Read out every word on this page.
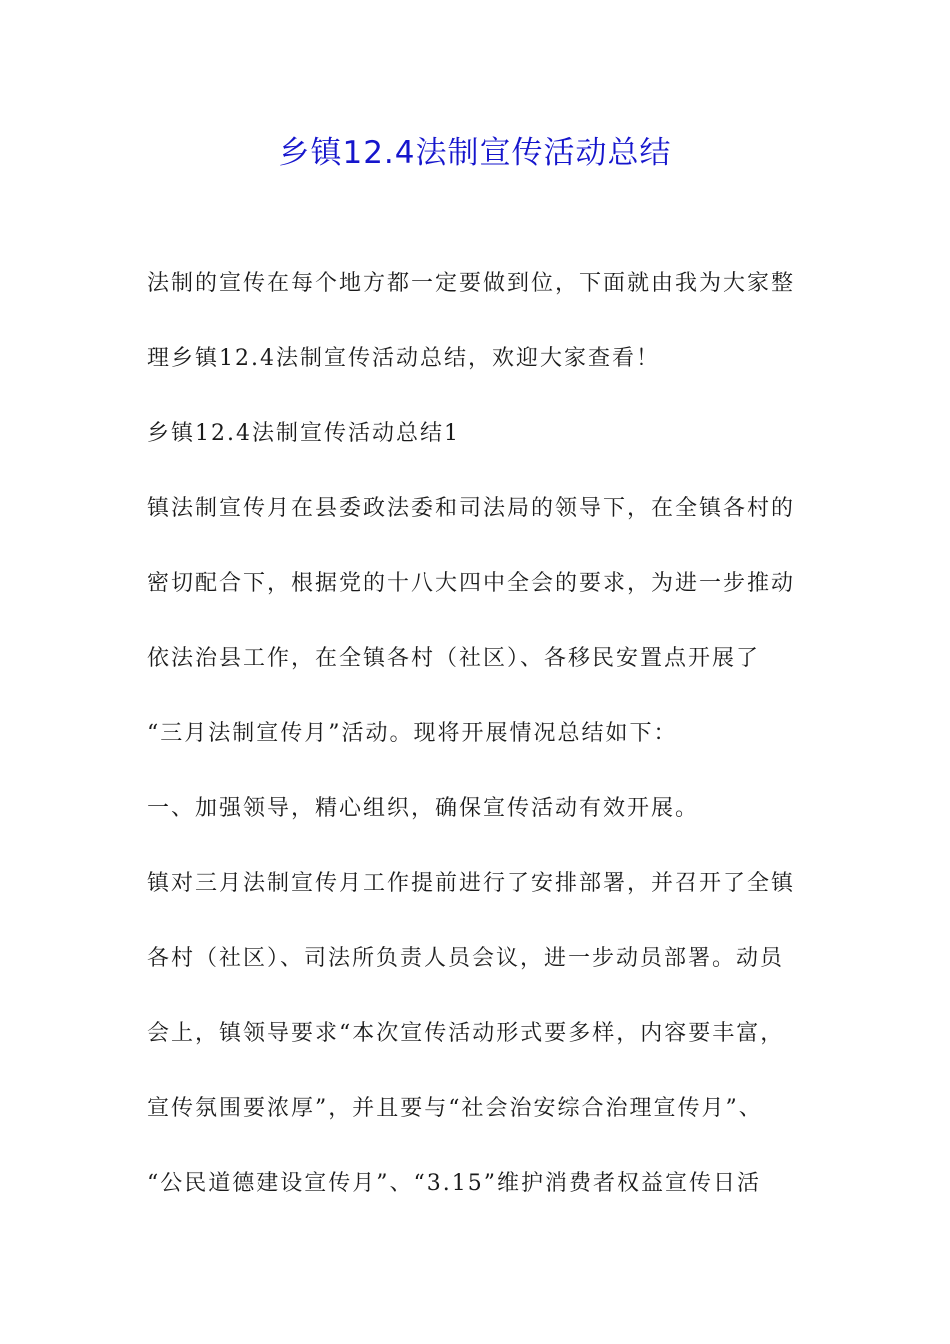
乡镇12.4法制宣传活动总结
法制的宣传在每个地方都一定要做到位，下面就由我为大家整
理乡镇12.4法制宣传活动总结，欢迎大家查看！
乡镇12.4法制宣传活动总结1
镇法制宣传月在县委政法委和司法局的领导下，在全镇各村的
密切配合下，根据党的十八大四中全会的要求，为进一步推动
依法治县工作，在全镇各村（社区）、各移民安置点开展了
“三月法制宣传月”活动。现将开展情况总结如下：
一、加强领导，精心组织，确保宣传活动有效开展。
镇对三月法制宣传月工作提前进行了安排部署，并召开了全镇
各村（社区）、司法所负责人员会议，进一步动员部署。动员
会上，镇领导要求“本次宣传活动形式要多样，内容要丰富，
宣传氛围要浓厚”，并且要与“社会治安综合治理宣传月”、
“公民道德建设宣传月”、“3.15”维护消费者权益宣传日活
